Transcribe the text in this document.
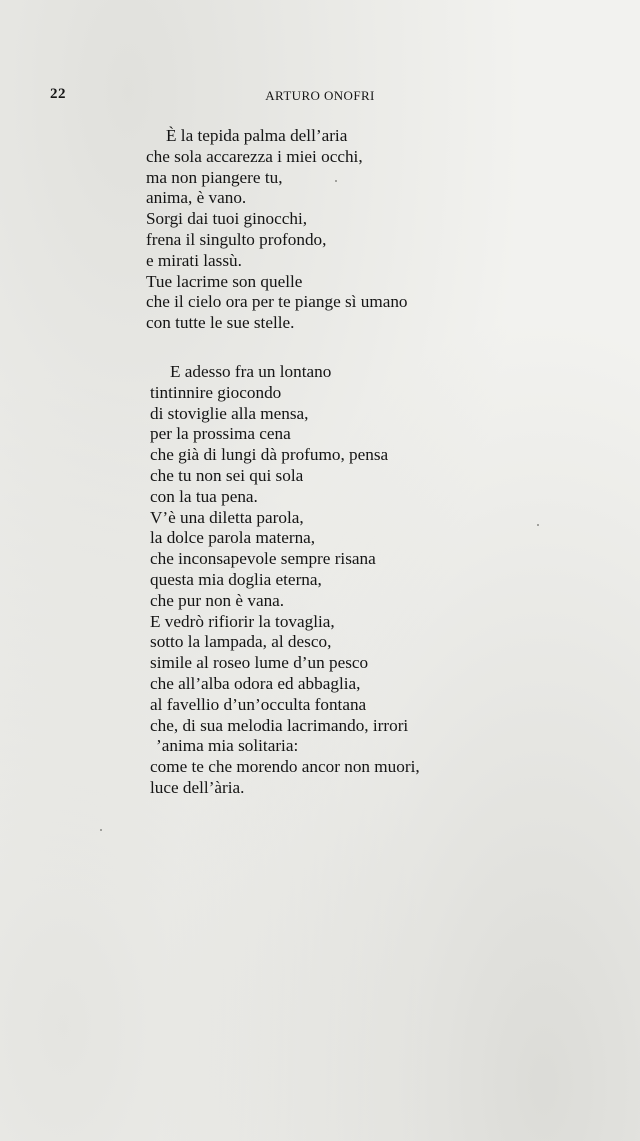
22	ARTURO ONOFRI
È la tepida palma dell’aria
che sola accarezza i miei occhi,
ma non piangere tu,
anima, è vano.
Sorgi dai tuoi ginocchi,
frena il singulto profondo,
e mirati lassù.
Tue lacrime son quelle
che il cielo ora per te piange sì umano
con tutte le sue stelle.
E adesso fra un lontano
tintinnire giocondo
di stoviglie alla mensa,
per la prossima cena
che già di lungi dà profumo, pensa
che tu non sei qui sola
con la tua pena.
V’è una diletta parola,
la dolce parola materna,
che inconsapevole sempre risana
questa mia doglia eterna,
che pur non è vana.
E vedrò rifiorir la tovaglia,
sotto la lampada, al desco,
simile al roseo lume d’un pesco
che all’alba odora ed abbaglia,
al favellio d’un’occulta fontana
che, di sua melodia lacrimando, irrori
’anima mia solitaria:
come te che morendo ancor non muori,
luce dell’ària.
